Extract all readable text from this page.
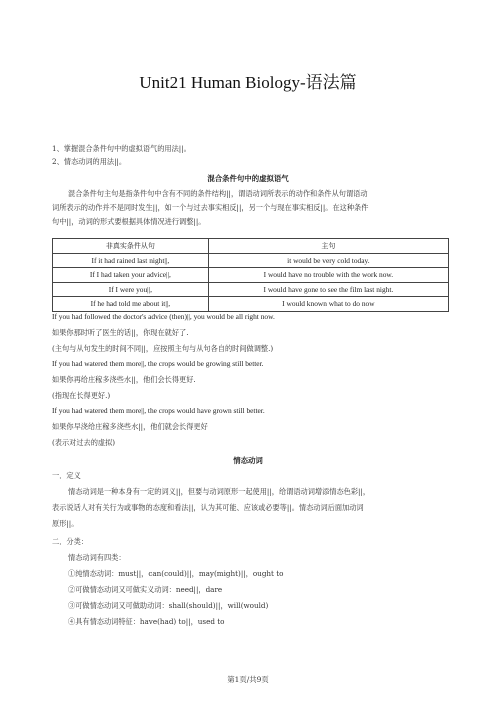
Unit21 Human Biology-语法篇
1、掌握混合条件句中的虚拟语气的用法||。
2、情态动词的用法||。
混合条件句中的虚拟语气
混合条件句主句是指条件句中含有不同的条件结构||，谓语动词所表示的动作和条件从句谓语动
词所表示的动作并不是同时发生||，如一个与过去事实相反||，另一个与现在事实相反||。在这种条件
句中||，动词的形式要根据具体情况进行调整||。
非真实条件从句	主句
If it had rained last night||,	it would be very cold today.
If I had taken your advice||,	I would have no trouble with the work now.
If I were you||,	I would have gone to see the film last night.
If he had told me about it||,	I would known what to do now
If you had followed the doctor's advice (then)||, you would be all right now.
如果你那时听了医生的话||，你现在就好了.
(主句与从句发生的时间不同||，应按照主句与从句各自的时间做调整.)
If you had watered them more||, the crops would be growing still better.
如果你再给庄稼多浇些水||，他们会长得更好.
(指现在长得更好.)
If you had watered them more||, the crops would have grown still better.
如果你早浇给庄稼多浇些水||，他们就会长得更好
(表示对过去的虚拟)
情态动词
一．定义
情态动词是一种本身有一定的词义||，但要与动词原形一起使用||，给谓语动词增添情态色彩||，
表示说话人对有关行为或事物的态度和看法||，认为其可能、应该或必要等||。情态动词后面加动词
原形||。
二．分类：
情态动词有四类：
①纯情态动词：must||，can(could)||，may(might)||，ought to
②可做情态动词又可做实义动词：need||，dare
③可做情态动词又可做助动词：shall(should)||，will(would)
④具有情态动词特征：have(had) to||，used to
第1页/共9页
